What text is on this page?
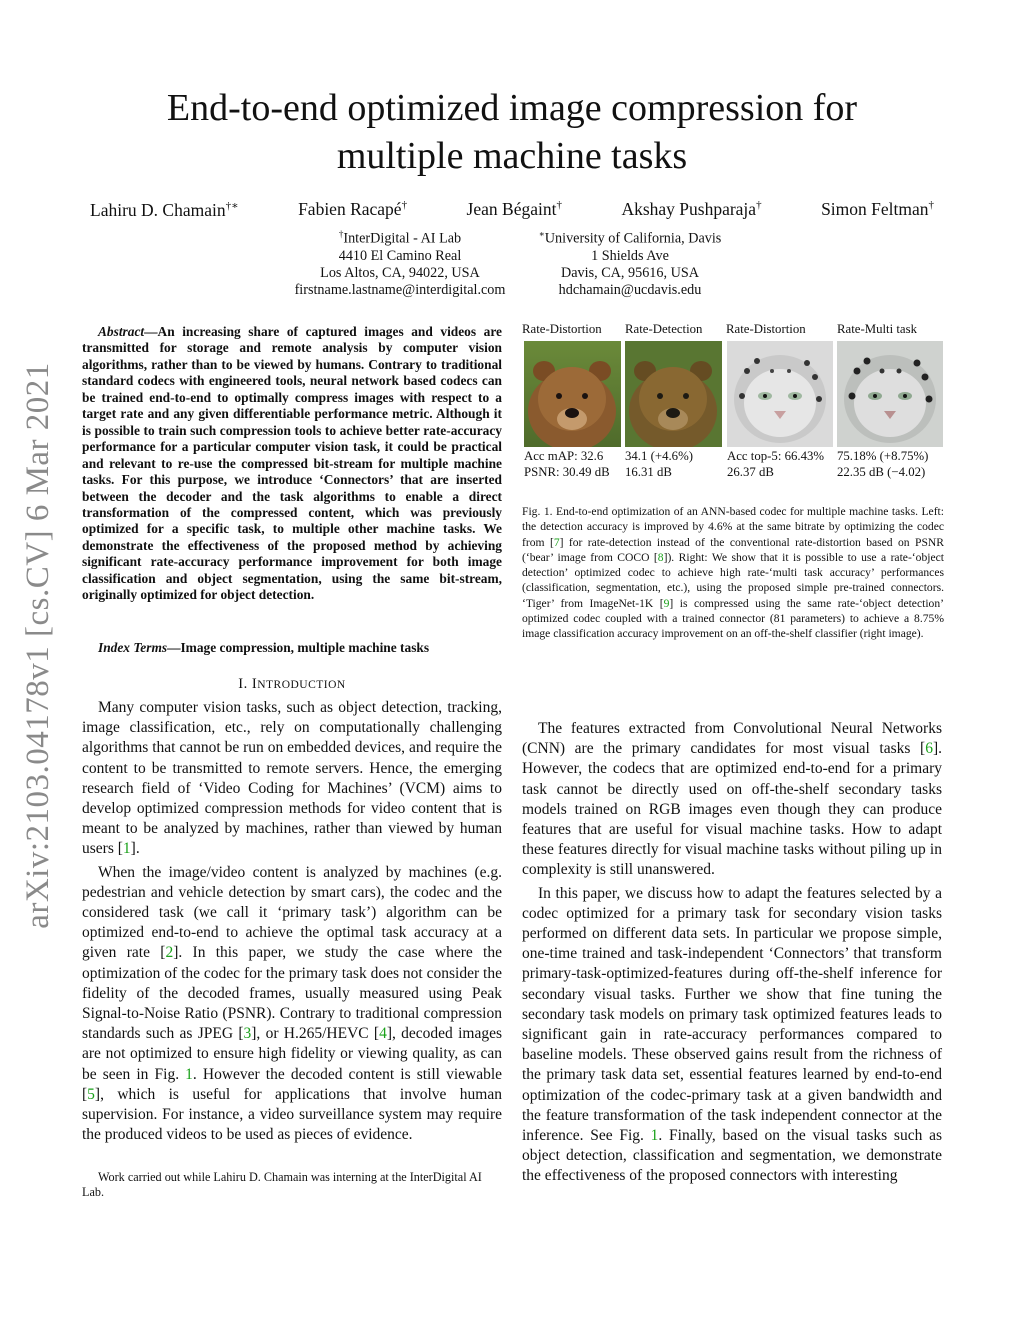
arXiv:2103.04178v1 [cs.CV] 6 Mar 2021
End-to-end optimized image compression for multiple machine tasks
Lahiru D. Chamain†∗	Fabien Racapé†	Jean Bégaint†	Akshay Pushparaja†	Simon Feltman†
†InterDigital - AI Lab
4410 El Camino Real
Los Altos, CA, 94022, USA
firstname.lastname@interdigital.com
∗University of California, Davis
1 Shields Ave
Davis, CA, 95616, USA
hdchamain@ucdavis.edu
Abstract—An increasing share of captured images and videos are transmitted for storage and remote analysis by computer vision algorithms, rather than to be viewed by humans. Contrary to traditional standard codecs with engineered tools, neural network based codecs can be trained end-to-end to optimally compress images with respect to a target rate and any given differentiable performance metric. Although it is possible to train such compression tools to achieve better rate-accuracy performance for a particular computer vision task, it could be practical and relevant to re-use the compressed bit-stream for multiple machine tasks. For this purpose, we introduce ‘Connectors’ that are inserted between the decoder and the task algorithms to enable a direct transformation of the compressed content, which was previously optimized for a specific task, to multiple other machine tasks. We demonstrate the effectiveness of the proposed method by achieving significant rate-accuracy performance improvement for both image classification and object segmentation, using the same bit-stream, originally optimized for object detection.
Index Terms—Image compression, multiple machine tasks
I. INTRODUCTION

Many computer vision tasks, such as object detection, tracking, image classification, etc., rely on computationally challenging algorithms that cannot be run on embedded devices, and require the content to be transmitted to remote servers. Hence, the emerging research field of ‘Video Coding for Machines’ (VCM) aims to develop optimized compression methods for video content that is meant to be analyzed by machines, rather than viewed by human users [1].

When the image/video content is analyzed by machines (e.g. pedestrian and vehicle detection by smart cars), the codec and the considered task (we call it ‘primary task’) algorithm can be optimized end-to-end to achieve the optimal task accuracy at a given rate [2]. In this paper, we study the case where the optimization of the codec for the primary task does not consider the fidelity of the decoded frames, usually measured using Peak Signal-to-Noise Ratio (PSNR). Contrary to traditional compression standards such as JPEG [3], or H.265/HEVC [4], decoded images are not optimized to ensure high fidelity or viewing quality, as can be seen in Fig. 1. However the decoded content is still viewable [5], which is useful for applications that involve human supervision. For instance, a video surveillance system may require the produced videos to be used as pieces of evidence.

Work carried out while Lahiru D. Chamain was interning at the InterDigital AI Lab.
Rate-Distortion	Rate-Detection	Rate-Distortion	Rate-Multi task
Acc mAP: 32.6
PSNR: 30.49 dB
34.1 (+4.6%)
16.31 dB
Acc top-5: 66.43%
26.37 dB
75.18% (+8.75%)
22.35 dB (−4.02)
Fig. 1. End-to-end optimization of an ANN-based codec for multiple machine tasks. Left: the detection accuracy is improved by 4.6% at the same bitrate by optimizing the codec from [7] for rate-detection instead of the conventional rate-distortion based on PSNR (‘bear’ image from COCO [8]). Right: We show that it is possible to use a rate-‘object detection’ optimized codec to achieve high rate-‘multi task accuracy’ performances (classification, segmentation, etc.), using the proposed simple pre-trained connectors. ‘Tiger’ from ImageNet-1K [9] is compressed using the same rate-‘object detection’ optimized codec coupled with a trained connector (81 parameters) to achieve a 8.75% image classification accuracy improvement on an off-the-shelf classifier (right image).

The features extracted from Convolutional Neural Networks (CNN) are the primary candidates for most visual tasks [6]. However, the codecs that are optimized end-to-end for a primary task cannot be directly used on off-the-shelf secondary tasks models trained on RGB images even though they can produce features that are useful for visual machine tasks. How to adapt these features directly for visual machine tasks without piling up in complexity is still unanswered.

In this paper, we discuss how to adapt the features selected by a codec optimized for a primary task for secondary vision tasks performed on different data sets. In particular we propose simple, one-time trained and task-independent ‘Connectors’ that transform primary-task-optimized-features during off-the-shelf inference for secondary visual tasks. Further we show that fine tuning the secondary task models on primary task optimized features leads to significant gain in rate-accuracy performances compared to baseline models. These observed gains result from the richness of the primary task data set, essential features learned by end-to-end optimization of the codec-primary task at a given bandwidth and the feature transformation of the task independent connector at the inference. See Fig. 1. Finally, based on the visual tasks such as object detection, classification and segmentation, we demonstrate the effectiveness of the proposed connectors with interesting
